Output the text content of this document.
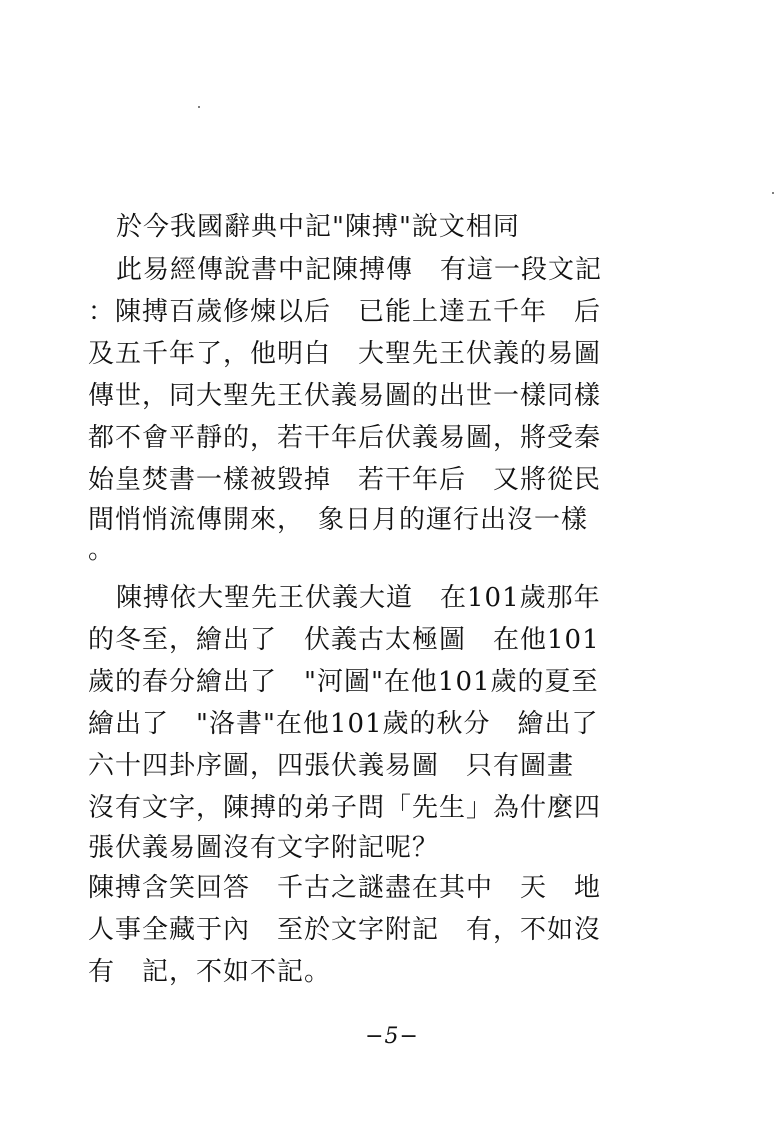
於今我國辭典中記"陳搏"說文相同
此易經傳說書中記陳搏傳　有這一段文記
：陳搏百歲修煉以后　已能上達五千年　后
及五千年了，他明白　大聖先王伏義的易圖
傳世，同大聖先王伏義易圖的出世一樣同樣
都不會平靜的，若干年后伏義易圖，將受秦
始皇焚書一樣被毀掉　若干年后　又將從民
間悄悄流傳開來，　象日月的運行出沒一樣
。
陳搏依大聖先王伏義大道　在101歲那年
的冬至，繪出了　伏義古太極圖　在他101
歲的春分繪出了　"河圖"在他101歲的夏至
繪出了　"洛書"在他101歲的秋分　繪出了
六十四卦序圖，四張伏義易圖　只有圖畫
沒有文字，陳搏的弟子問「先生」為什麼四
張伏義易圖沒有文字附記呢？
陳搏含笑回答　千古之謎盡在其中　天　地
人事全藏于內　至於文字附記　有，不如沒
有　記，不如不記。
−5−
